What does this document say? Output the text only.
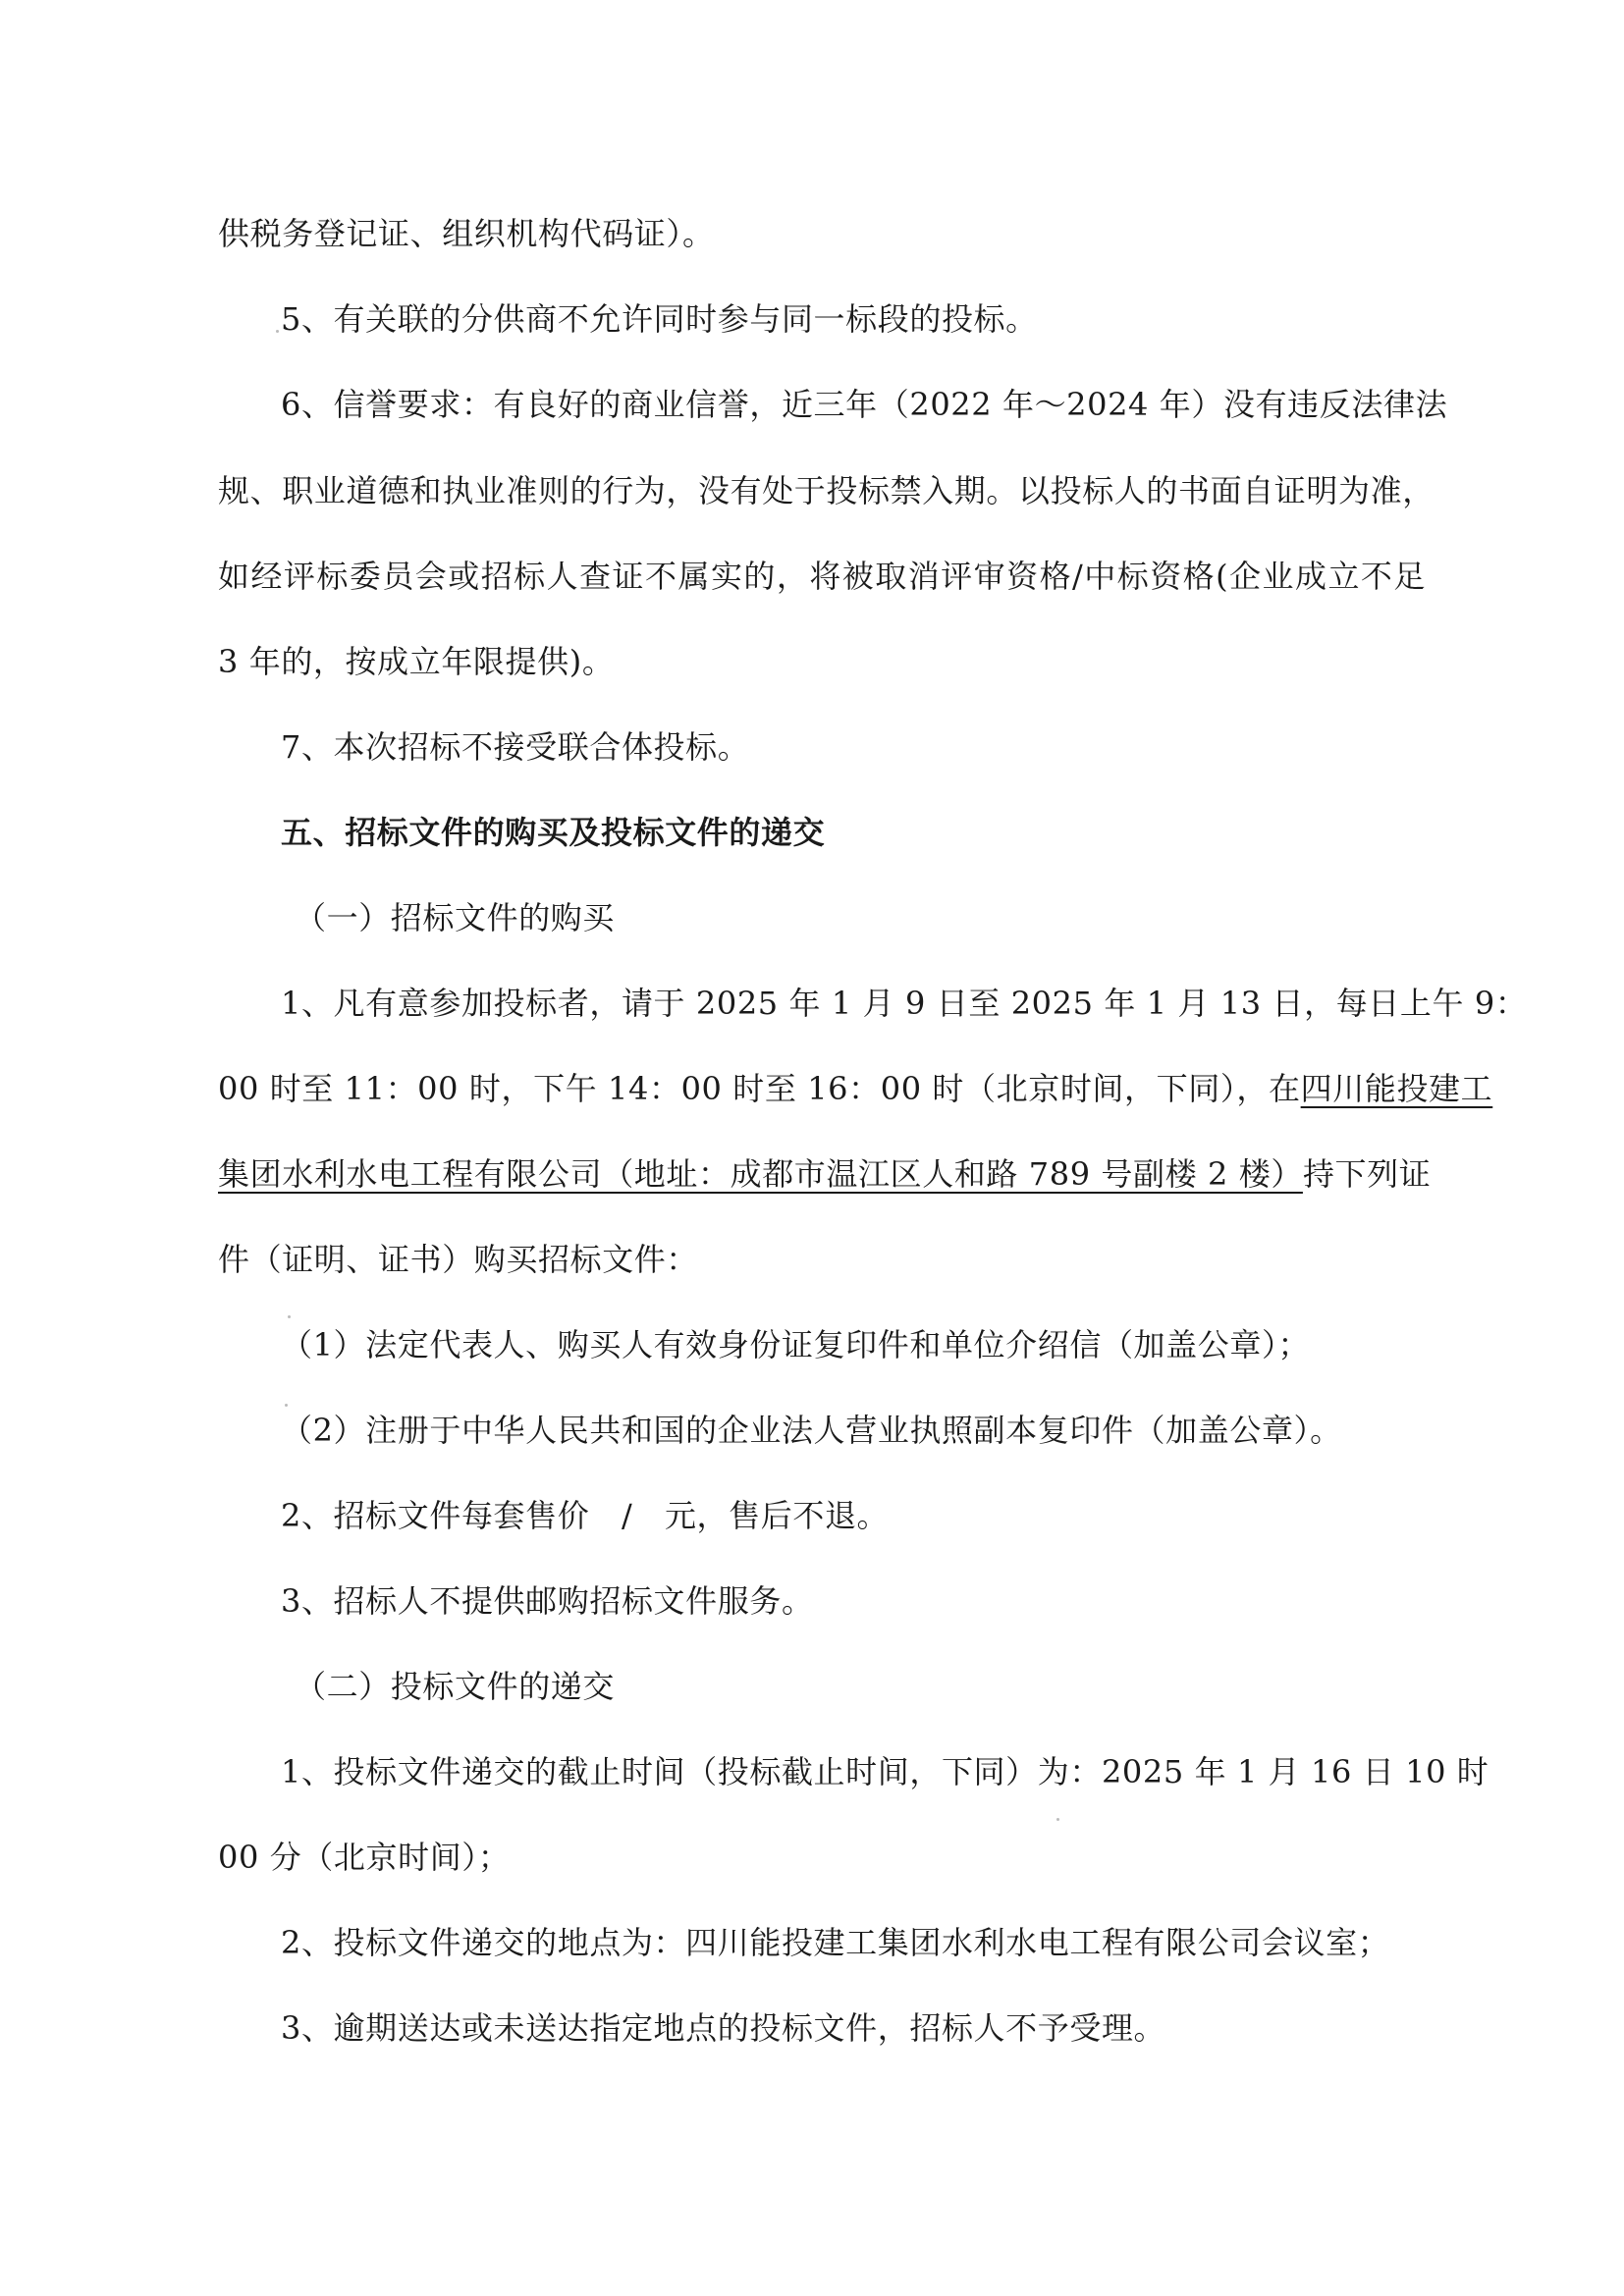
供税务登记证、组织机构代码证）。
5、有关联的分供商不允许同时参与同一标段的投标。
6、信誉要求：有良好的商业信誉，近三年（2022 年～2024 年）没有违反法律法
规、职业道德和执业准则的行为，没有处于投标禁入期。以投标人的书面自证明为准，
如经评标委员会或招标人查证不属实的，将被取消评审资格/中标资格(企业成立不足
3 年的，按成立年限提供)。
7、本次招标不接受联合体投标。
五、招标文件的购买及投标文件的递交
（一）招标文件的购买
1、凡有意参加投标者，请于 2025 年 1 月 9 日至 2025 年 1 月 13 日，每日上午 9：
00 时至 11：00 时，下午 14：00 时至 16：00 时（北京时间，下同），在四川能投建工
集团水利水电工程有限公司（地址：成都市温江区人和路 789 号副楼 2 楼）持下列证
件（证明、证书）购买招标文件：
（1）法定代表人、购买人有效身份证复印件和单位介绍信（加盖公章）；
（2）注册于中华人民共和国的企业法人营业执照副本复印件（加盖公章）。
2、招标文件每套售价　/　元，售后不退。
3、招标人不提供邮购招标文件服务。
（二）投标文件的递交
1、投标文件递交的截止时间（投标截止时间，下同）为：2025 年 1 月 16 日 10 时
00 分（北京时间）；
2、投标文件递交的地点为：四川能投建工集团水利水电工程有限公司会议室；
3、逾期送达或未送达指定地点的投标文件，招标人不予受理。
